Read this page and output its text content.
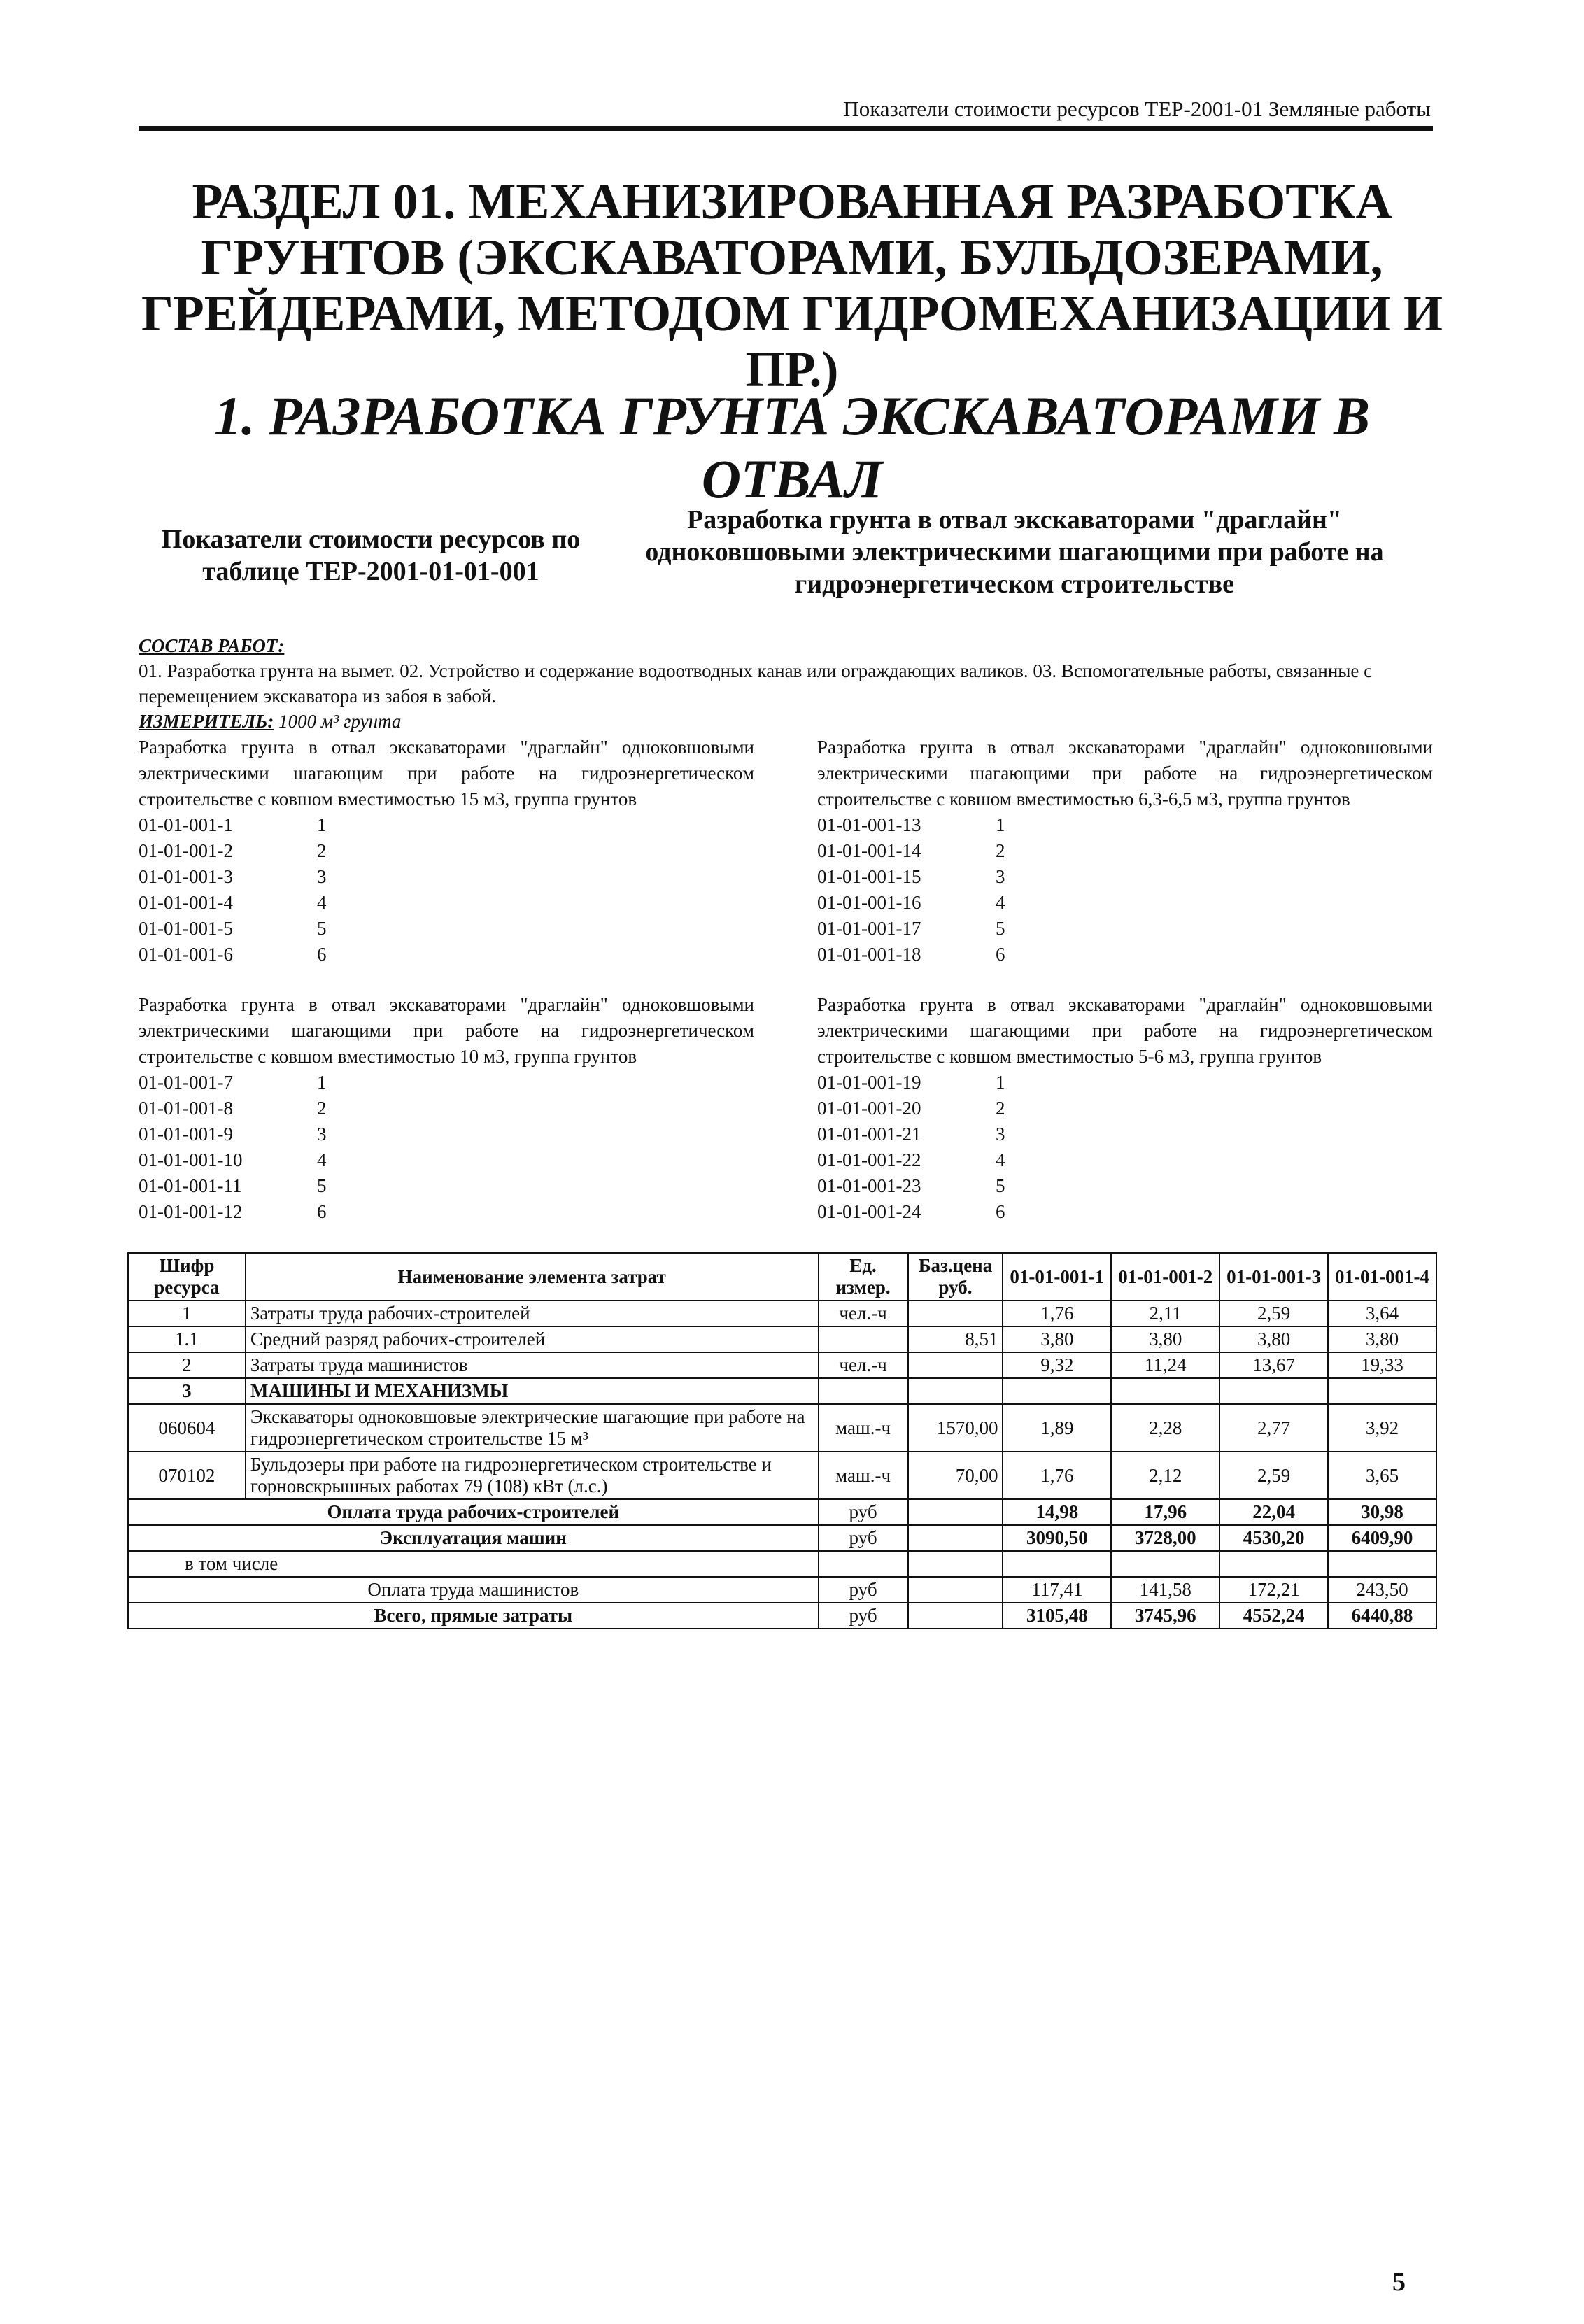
Показатели стоимости ресурсов ТЕР-2001-01 Земляные работы
РАЗДЕЛ 01. МЕХАНИЗИРОВАННАЯ РАЗРАБОТКА ГРУНТОВ (ЭКСКАВАТОРАМИ, БУЛЬДОЗЕРАМИ, ГРЕЙДЕРАМИ, МЕТОДОМ ГИДРОМЕХАНИЗАЦИИ И ПР.)
1. РАЗРАБОТКА ГРУНТА ЭКСКАВАТОРАМИ В ОТВАЛ
Показатели стоимости ресурсов по таблице ТЕР-2001-01-01-001
Разработка грунта в отвал экскаваторами "драглайн" одноковшовыми электрическими шагающими при работе на гидроэнергетическом строительстве
СОСТАВ РАБОТ:
01. Разработка грунта на вымет. 02. Устройство и содержание водоотводных канав или ограждающих валиков. 03. Вспомогательные работы, связанные с перемещением экскаватора из забоя в забой.
ИЗМЕРИТЕЛЬ: 1000 м³ грунта
Разработка грунта в отвал экскаваторами "драглайн" одноковшовыми электрическими шагающим при работе на гидроэнергетическом строительстве с ковшом вместимостью 15 м3, группа грунтов
01-01-001-1	1
01-01-001-2	2
01-01-001-3	3
01-01-001-4	4
01-01-001-5	5
01-01-001-6	6
Разработка грунта в отвал экскаваторами "драглайн" одноковшовыми электрическими шагающими при работе на гидроэнергетическом строительстве с ковшом вместимостью 6,3-6,5 м3, группа грунтов
01-01-001-13	1
01-01-001-14	2
01-01-001-15	3
01-01-001-16	4
01-01-001-17	5
01-01-001-18	6
Разработка грунта в отвал экскаваторами "драглайн" одноковшовыми электрическими шагающими при работе на гидроэнергетическом строительстве с ковшом вместимостью 10 м3, группа грунтов
01-01-001-7	1
01-01-001-8	2
01-01-001-9	3
01-01-001-10	4
01-01-001-11	5
01-01-001-12	6
Разработка грунта в отвал экскаваторами "драглайн" одноковшовыми электрическими шагающими при работе на гидроэнергетическом строительстве с ковшом вместимостью 5-6 м3, группа грунтов
01-01-001-19	1
01-01-001-20	2
01-01-001-21	3
01-01-001-22	4
01-01-001-23	5
01-01-001-24	6
Шифр ресурса	Наименование элемента затрат	Ед. измер.	Баз.цена руб.	01-01-001-1	01-01-001-2	01-01-001-3	01-01-001-4
1	Затраты труда рабочих-строителей	чел.-ч		1,76	2,11	2,59	3,64
1.1	Средний разряд рабочих-строителей		8,51	3,80	3,80	3,80	3,80
2	Затраты труда машинистов	чел.-ч		9,32	11,24	13,67	19,33
3	МАШИНЫ И МЕХАНИЗМЫ						
060604	Экскаваторы одноковшовые электрические шагающие при работе на гидроэнергетическом строительстве 15 м³	маш.-ч	1570,00	1,89	2,28	2,77	3,92
070102	Бульдозеры при работе на гидроэнергетическом строительстве и горновскрышных работах 79 (108) кВт (л.с.)	маш.-ч	70,00	1,76	2,12	2,59	3,65
Оплата труда рабочих-строителей		руб		14,98	17,96	22,04	30,98
Эксплуатация машин		руб		3090,50	3728,00	4530,20	6409,90
в том числе							
Оплата труда машинистов		руб		117,41	141,58	172,21	243,50
Всего, прямые затраты		руб		3105,48	3745,96	4552,24	6440,88
5
